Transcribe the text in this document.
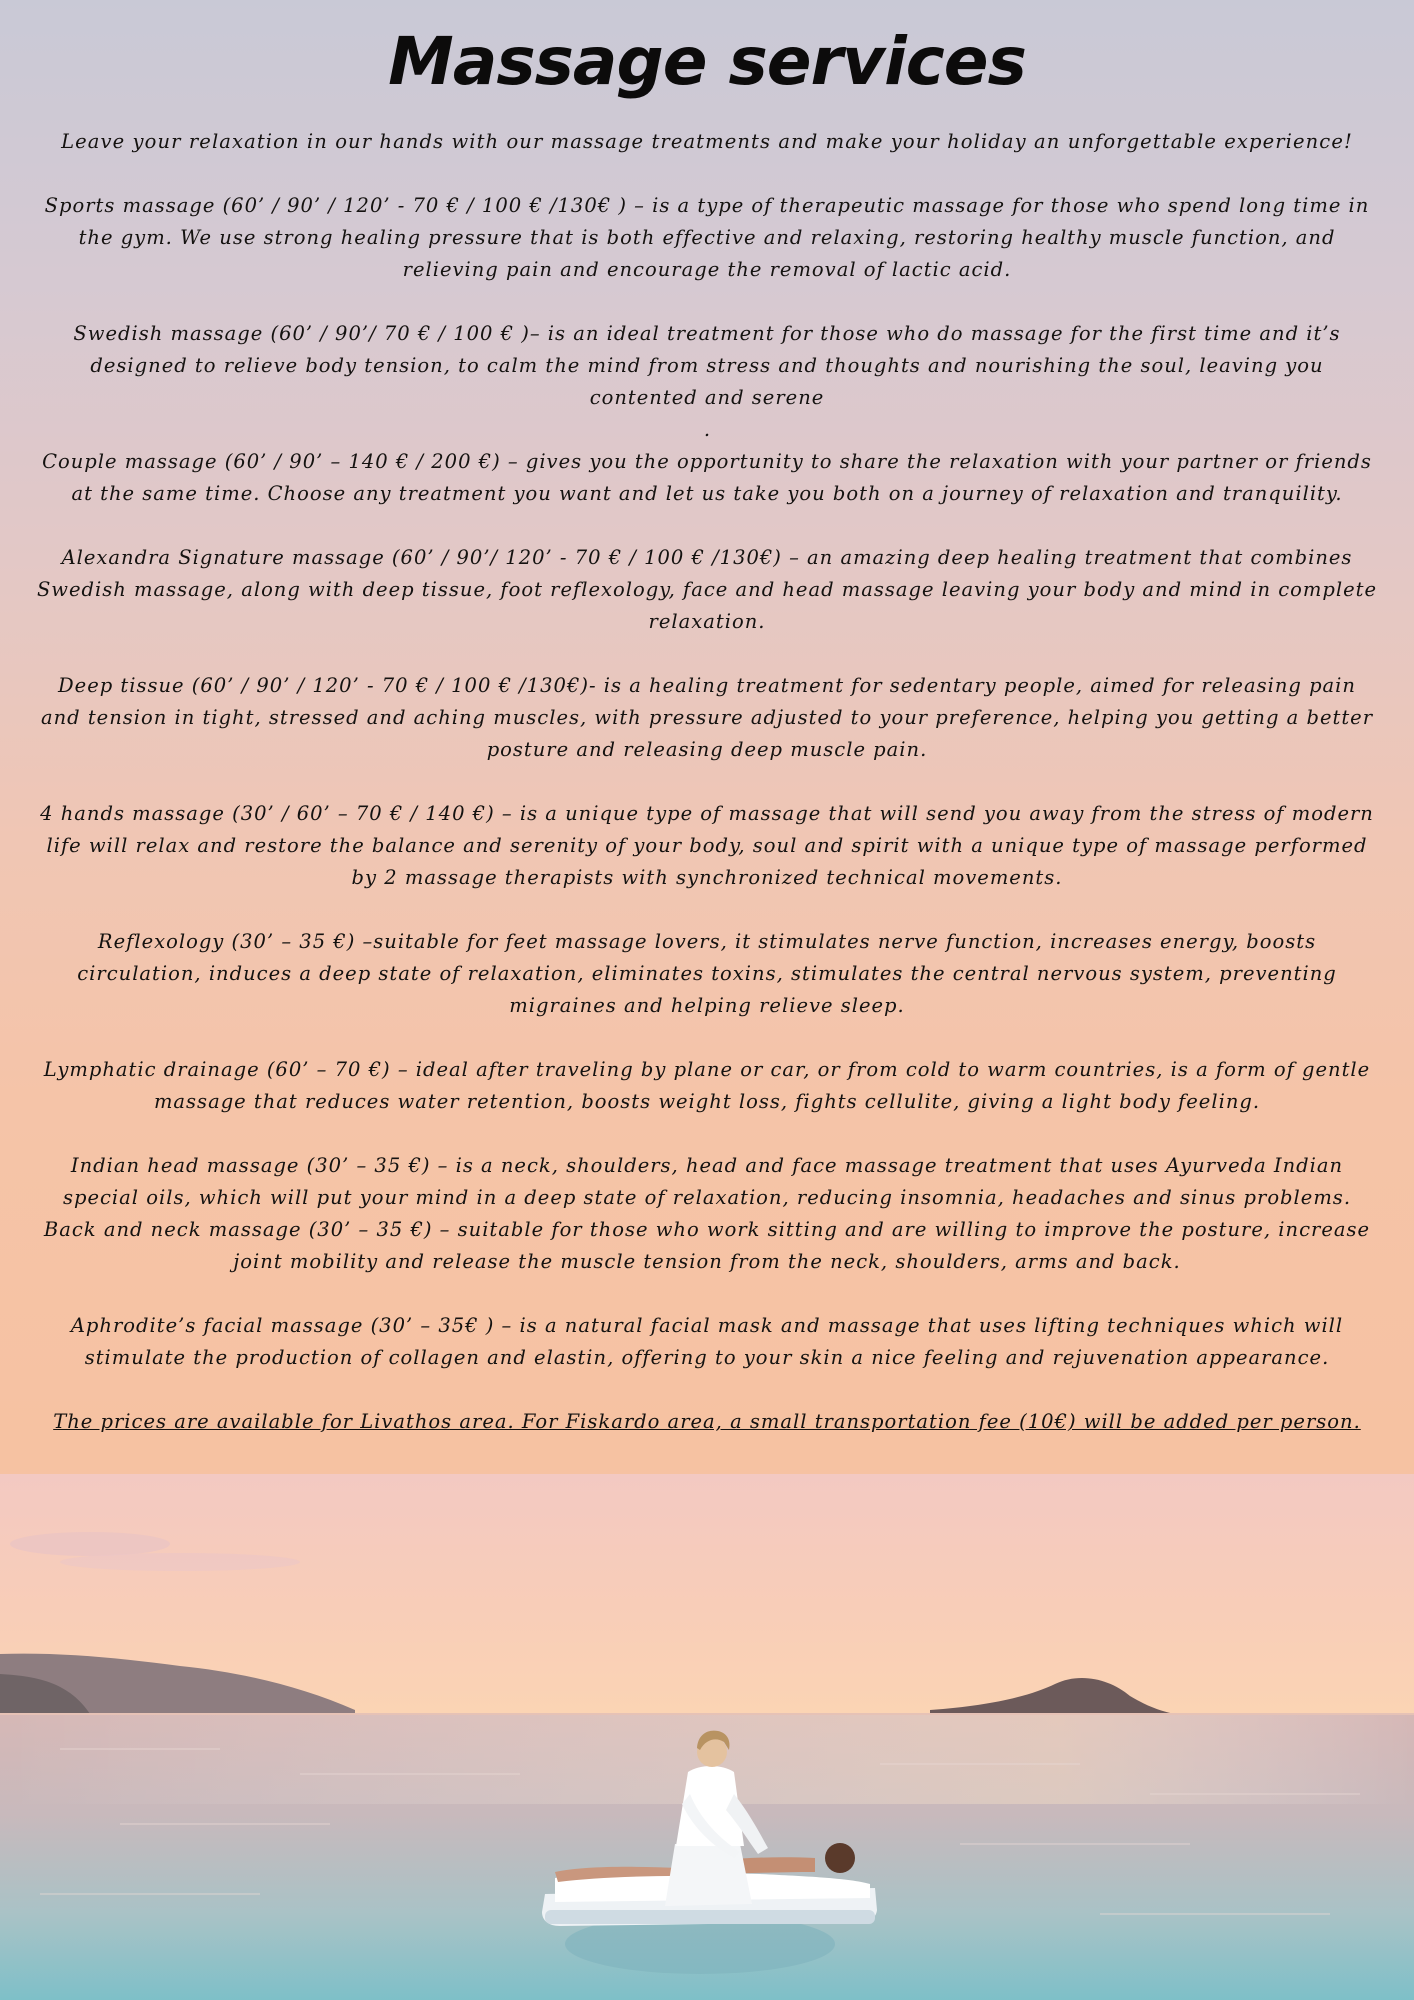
Massage services

Leave your relaxation in our hands with our massage treatments and make your holiday an unforgettable experience!

Sports massage (60’ / 90’ / 120’ - 70 € / 100 € /130€ ) – is a type of therapeutic massage for those who spend long time in the gym. We use strong healing pressure that is both effective and relaxing, restoring healthy muscle function, and relieving pain and encourage the removal of lactic acid.

Swedish massage (60’ / 90’/ 70 € / 100 € )– is an ideal treatment for those who do massage for the first time and it’s designed to relieve body tension, to calm the mind from stress and thoughts and nourishing the soul, leaving you contented and serene

.

Couple massage (60’ / 90’ – 140 € / 200 €) – gives you the opportunity to share the relaxation with your partner or friends at the same time. Choose any treatment you want and let us take you both on a journey of relaxation and tranquility.

Alexandra Signature massage (60’ / 90’/ 120’ - 70 € / 100 € /130€) – an amazing deep healing treatment that combines Swedish massage, along with deep tissue, foot reflexology, face and head massage leaving your body and mind in complete relaxation.

Deep tissue (60’ / 90’ / 120’ - 70 € / 100 € /130€)- is a healing treatment for sedentary people, aimed for releasing pain and tension in tight, stressed and aching muscles, with pressure adjusted to your preference, helping you getting a better posture and releasing deep muscle pain.

4 hands massage (30’ / 60’ – 70 € / 140 €) – is a unique type of massage that will send you away from the stress of modern life will relax and restore the balance and serenity of your body, soul and spirit with a unique type of massage performed by 2 massage therapists with synchronized technical movements.

Reflexology (30’ – 35 €) –suitable for feet massage lovers, it stimulates nerve function, increases energy, boosts circulation, induces a deep state of relaxation, eliminates toxins, stimulates the central nervous system, preventing migraines and helping relieve sleep.

Lymphatic drainage (60’ – 70 €) – ideal after traveling by plane or car, or from cold to warm countries, is a form of gentle massage that reduces water retention, boosts weight loss, fights cellulite, giving a light body feeling.

Indian head massage (30’ – 35 €) – is a neck, shoulders, head and face massage treatment that uses Ayurveda Indian special oils, which will put your mind in a deep state of relaxation, reducing insomnia, headaches and sinus problems.

Back and neck massage (30’ – 35 €) – suitable for those who work sitting and are willing to improve the posture, increase joint mobility and release the muscle tension from the neck, shoulders, arms and back.

Aphrodite’s facial massage (30’ – 35€ ) – is a natural facial mask and massage that uses lifting techniques which will stimulate the production of collagen and elastin, offering to your skin a nice feeling and rejuvenation appearance.

The prices are available for Livathos area. For Fiskardo area, a small transportation fee (10€) will be added per person.
